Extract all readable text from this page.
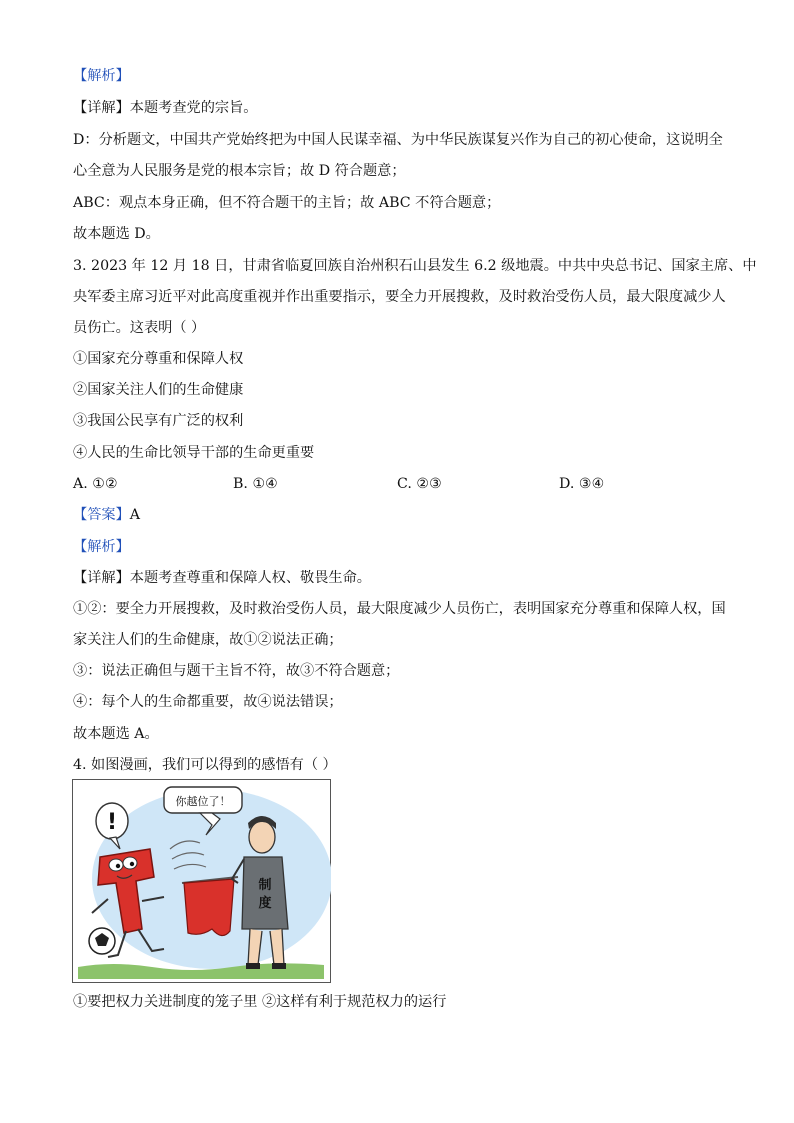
【解析】
【详解】本题考查党的宗旨。
D：分析题文，中国共产党始终把为中国人民谋幸福、为中华民族谋复兴作为自己的初心使命，这说明全
心全意为人民服务是党的根本宗旨；故 D 符合题意；
ABC：观点本身正确，但不符合题干的主旨；故 ABC 不符合题意；
故本题选 D。
3. 2023 年 12 月 18 日，甘肃省临夏回族自治州积石山县发生 6.2 级地震。中共中央总书记、国家主席、中
央军委主席习近平对此高度重视并作出重要指示，要全力开展搜救，及时救治受伤人员，最大限度减少人
员伤亡。这表明（ ）
①国家充分尊重和保障人权
②国家关注人们的生命健康
③我国公民享有广泛的权利
④人民的生命比领导干部的生命更重要
A. ①②	B. ①④	C. ②③	D. ③④
【答案】A
【解析】
【详解】本题考查尊重和保障人权、敬畏生命。
①②：要全力开展搜救，及时救治受伤人员，最大限度减少人员伤亡，表明国家充分尊重和保障人权，国
家关注人们的生命健康，故①②说法正确；
③：说法正确但与题干主旨不符，故③不符合题意；
④：每个人的生命都重要，故④说法错误；
故本题选 A。
4. 如图漫画，我们可以得到的感悟有（ ）
你越位了！
!
制
度
①要把权力关进制度的笼子里 ②这样有利于规范权力的运行
